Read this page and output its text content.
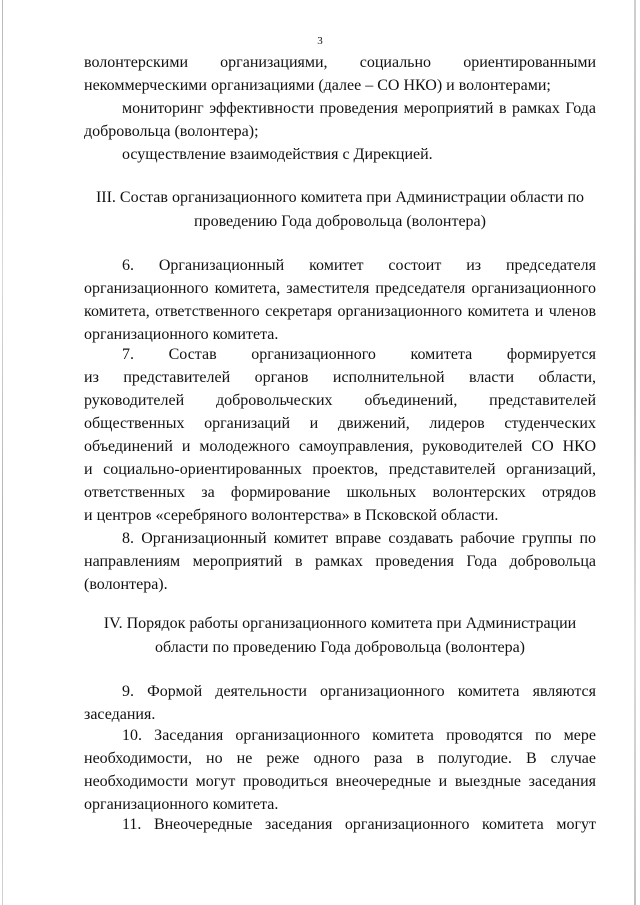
3
волонтерскими организациями, социально ориентированными
некоммерческими организациями (далее – СО НКО) и волонтерами;
мониторинг эффективности проведения мероприятий в рамках Года
добровольца (волонтера);
осуществление взаимодействия с Дирекцией.
III. Состав организационного комитета при Администрации области по
проведению Года добровольца (волонтера)
6. Организационный комитет состоит из председателя
организационного комитета, заместителя председателя организационного
комитета, ответственного секретаря организационного комитета и членов
организационного комитета.
7. Состав организационного комитета формируется
из представителей органов исполнительной власти области,
руководителей добровольческих объединений, представителей
общественных организаций и движений, лидеров студенческих
объединений и молодежного самоуправления, руководителей СО НКО
и социально-ориентированных проектов, представителей организаций,
ответственных за формирование школьных волонтерских отрядов
и центров «серебряного волонтерства» в Псковской области.
8. Организационный комитет вправе создавать рабочие группы по
направлениям мероприятий в рамках проведения Года добровольца
(волонтера).
IV. Порядок работы организационного комитета при Администрации
области по проведению Года добровольца (волонтера)
9. Формой деятельности организационного комитета являются
заседания.
10. Заседания организационного комитета проводятся по мере
необходимости, но не реже одного раза в полугодие. В случае
необходимости могут проводиться внеочередные и выездные заседания
организационного комитета.
11. Внеочередные заседания организационного комитета могут
